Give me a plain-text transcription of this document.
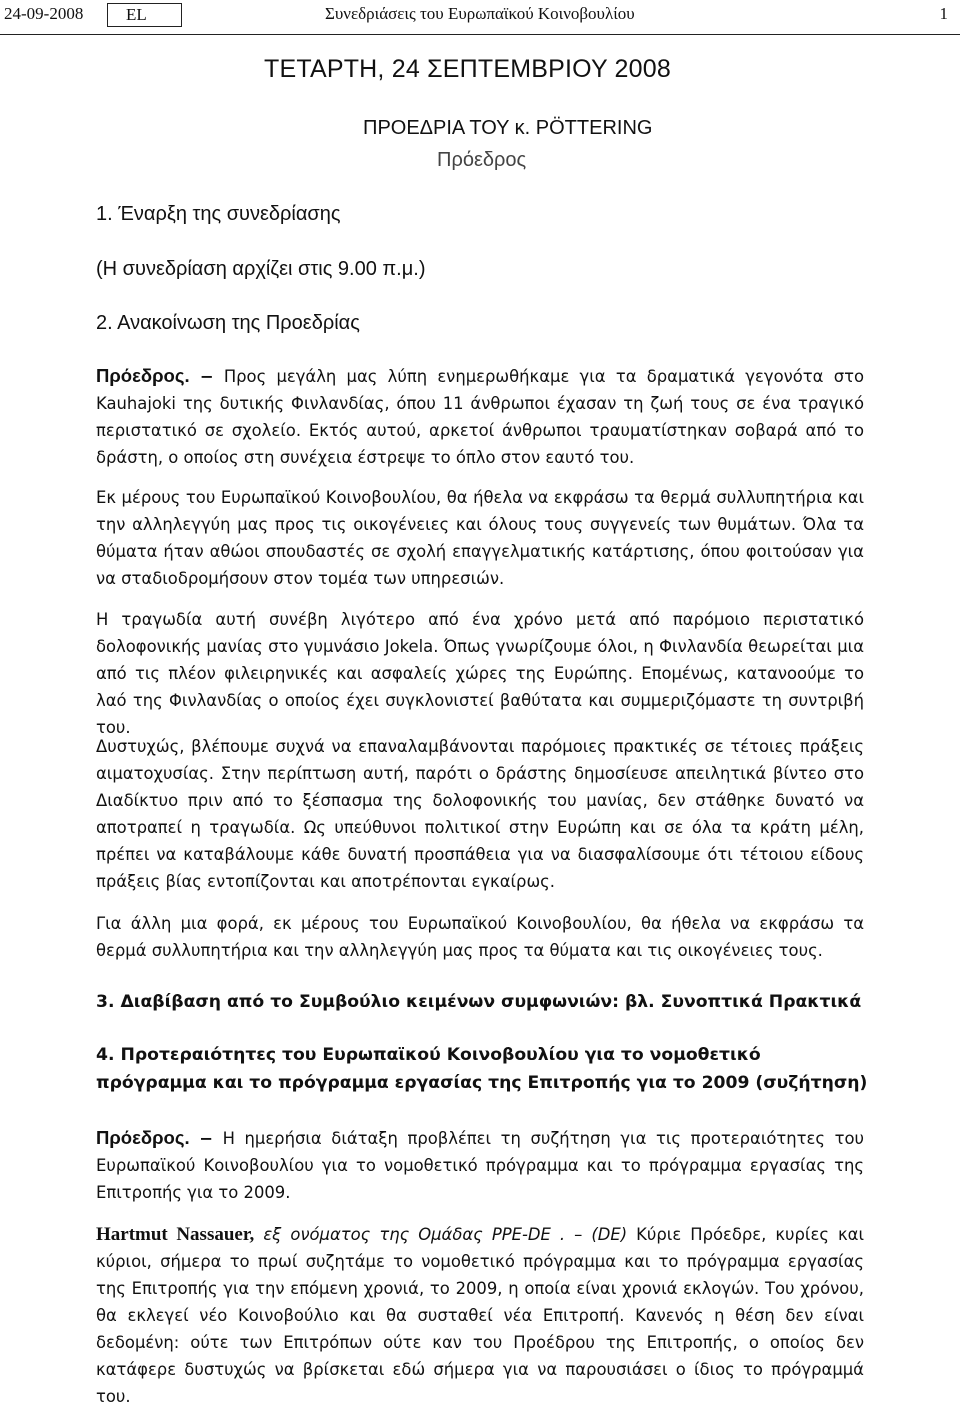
24-09-2008	EL	Συνεδριάσεις του Ευρωπαϊκού Κοινοβουλίου	1
ΤΕΤΑΡΤΗ, 24 ΣΕΠΤΕΜΒΡΙΟΥ 2008
ΠΡΟΕΔΡΙΑ ΤΟΥ κ. PÖTTERING
Πρόεδρος
1. Έναρξη της συνεδρίασης
(Η συνεδρίαση αρχίζει στις 9.00 π.μ.)
2. Ανακοίνωση της Προεδρίας

Πρόεδρος. − Προς μεγάλη μας λύπη ενημερωθήκαμε για τα δραματικά γεγονότα στο Kauhajoki της δυτικής Φινλανδίας, όπου 11 άνθρωποι έχασαν τη ζωή τους σε ένα τραγικό περιστατικό σε σχολείο. Εκτός αυτού, αρκετοί άνθρωποι τραυματίστηκαν σοβαρά από το δράστη, ο οποίος στη συνέχεια έστρεψε το όπλο στον εαυτό του.

Εκ μέρους του Ευρωπαϊκού Κοινοβουλίου, θα ήθελα να εκφράσω τα θερμά συλλυπητήρια και την αλληλεγγύη μας προς τις οικογένειες και όλους τους συγγενείς των θυμάτων. Όλα τα θύματα ήταν αθώοι σπουδαστές σε σχολή επαγγελματικής κατάρτισης, όπου φοιτούσαν για να σταδιοδρομήσουν στον τομέα των υπηρεσιών.

Η τραγωδία αυτή συνέβη λιγότερο από ένα χρόνο μετά από παρόμοιο περιστατικό δολοφονικής μανίας στο γυμνάσιο Jokela. Όπως γνωρίζουμε όλοι, η Φινλανδία θεωρείται μια από τις πλέον φιλειρηνικές και ασφαλείς χώρες της Ευρώπης. Επομένως, κατανοούμε το λαό της Φινλανδίας ο οποίος έχει συγκλονιστεί βαθύτατα και συμμεριζόμαστε τη συντριβή του.

Δυστυχώς, βλέπουμε συχνά να επαναλαμβάνονται παρόμοιες πρακτικές σε τέτοιες πράξεις αιματοχυσίας. Στην περίπτωση αυτή, παρότι ο δράστης δημοσίευσε απειλητικά βίντεο στο Διαδίκτυο πριν από το ξέσπασμα της δολοφονικής του μανίας, δεν στάθηκε δυνατό να αποτραπεί η τραγωδία. Ως υπεύθυνοι πολιτικοί στην Ευρώπη και σε όλα τα κράτη μέλη, πρέπει να καταβάλουμε κάθε δυνατή προσπάθεια για να διασφαλίσουμε ότι τέτοιου είδους πράξεις βίας εντοπίζονται και αποτρέπονται εγκαίρως.

Για άλλη μια φορά, εκ μέρους του Ευρωπαϊκού Κοινοβουλίου, θα ήθελα να εκφράσω τα θερμά συλλυπητήρια και την αλληλεγγύη μας προς τα θύματα και τις οικογένειες τους.

3. Διαβίβαση από το Συμβούλιο κειμένων συμφωνιών: βλ. Συνοπτικά Πρακτικά

4. Προτεραιότητες του Ευρωπαϊκού Κοινοβουλίου για το νομοθετικό πρόγραμμα και το πρόγραμμα εργασίας της Επιτροπής για το 2009 (συζήτηση)

Πρόεδρος. − Η ημερήσια διάταξη προβλέπει τη συζήτηση για τις προτεραιότητες του Ευρωπαϊκού Κοινοβουλίου για το νομοθετικό πρόγραμμα και το πρόγραμμα εργασίας της Επιτροπής για το 2009.

Hartmut Nassauer, εξ ονόματος της Ομάδας PPE-DE . – (DE) Κύριε Πρόεδρε, κυρίες και κύριοι, σήμερα το πρωί συζητάμε το νομοθετικό πρόγραμμα και το πρόγραμμα εργασίας της Επιτροπής για την επόμενη χρονιά, το 2009, η οποία είναι χρονιά εκλογών. Του χρόνου, θα εκλεγεί νέο Κοινοβούλιο και θα συσταθεί νέα Επιτροπή. Κανενός η θέση δεν είναι δεδομένη: ούτε των Επιτρόπων ούτε καν του Προέδρου της Επιτροπής, ο οποίος δεν κατάφερε δυστυχώς να βρίσκεται εδώ σήμερα για να παρουσιάσει ο ίδιος το πρόγραμμά του.
